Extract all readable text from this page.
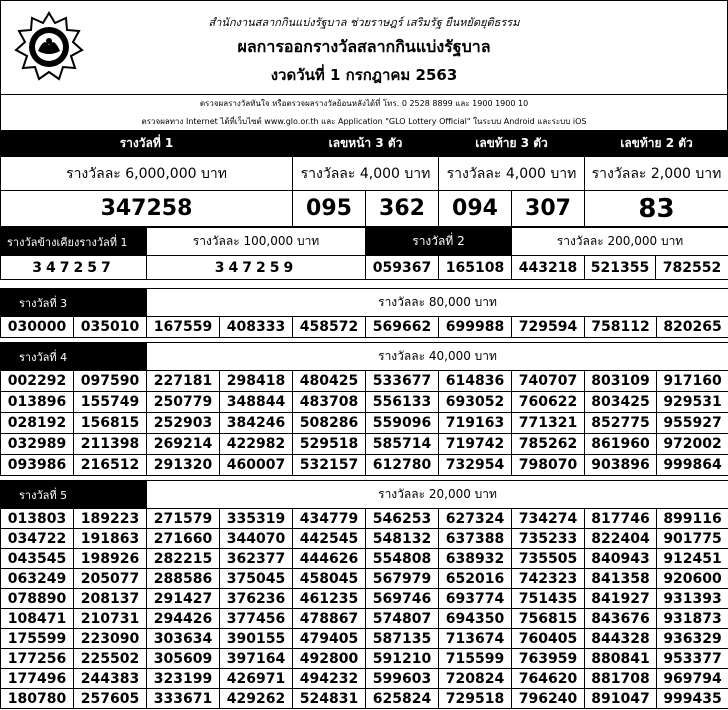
สำนักงานสลากกินแบ่งรัฐบาล ช่วยราษฎร์ เสริมรัฐ ยืนหยัดยุติธรรม
ผลการออกรางวัลสลากกินแบ่งรัฐบาล
งวดวันที่ 1 กรกฎาคม 2563
ตรวจผลรางวัลทันใจ หรือตรวจผลรางวัลย้อนหลังได้ที่ โทร. 0 2528 8899 และ 1900 1900 10
ตรวจผลทาง Internet ได้ที่เว็บไซต์ www.glo.or.th และ Application "GLO Lottery Official" ในระบบ Android และระบบ iOS
รางวัลที่ 1	เลขหน้า 3 ตัว		เลขท้าย 3 ตัว		เลขท้าย 2 ตัว
รางวัลละ 6,000,000 บาท	รางวัลละ 4,000 บาท		รางวัลละ 4,000 บาท		รางวัลละ 2,000 บาท
347258	095	362	094	307	83
รางวัลข้างเคียงรางวัลที่ 1	รางวัลละ 100,000 บาท	รางวัลที่ 2		รางวัลละ 200,000 บาท		
347257	347259	059367	165108	443218	521355	782552
รางวัลที่ 3		รางวัลละ 80,000 บาท							
030000	035010	167559	408333	458572	569662	699988	729594	758112	820265
รางวัลที่ 4		รางวัลละ 40,000 บาท							
002292	097590	227181	298418	480425	533677	614836	740707	803109	917160
013896	155749	250779	348844	483708	556133	693052	760622	803425	929531
028192	156815	252903	384246	508286	559096	719163	771321	852775	955927
032989	211398	269214	422982	529518	585714	719742	785262	861960	972002
093986	216512	291320	460007	532157	612780	732954	798070	903896	999864
รางวัลที่ 5		รางวัลละ 20,000 บาท							
013803	189223	271579	335319	434779	546253	627324	734274	817746	899116
034722	191863	271660	344070	442545	548132	637388	735233	822404	901775
043545	198926	282215	362377	444626	554808	638932	735505	840943	912451
063249	205077	288586	375045	458045	567979	652016	742323	841358	920600
078890	208137	291427	376236	461235	569746	693774	751435	841927	931393
108471	210731	294426	377456	478867	574807	694350	756815	843676	931873
175599	223090	303634	390155	479405	587135	713674	760405	844328	936329
177256	225502	305609	397164	492800	591210	715599	763959	880841	953377
177496	244383	323199	426971	494232	599603	720824	764620	881708	969794
180780	257605	333671	429262	524831	625824	729518	796240	891047	999435
